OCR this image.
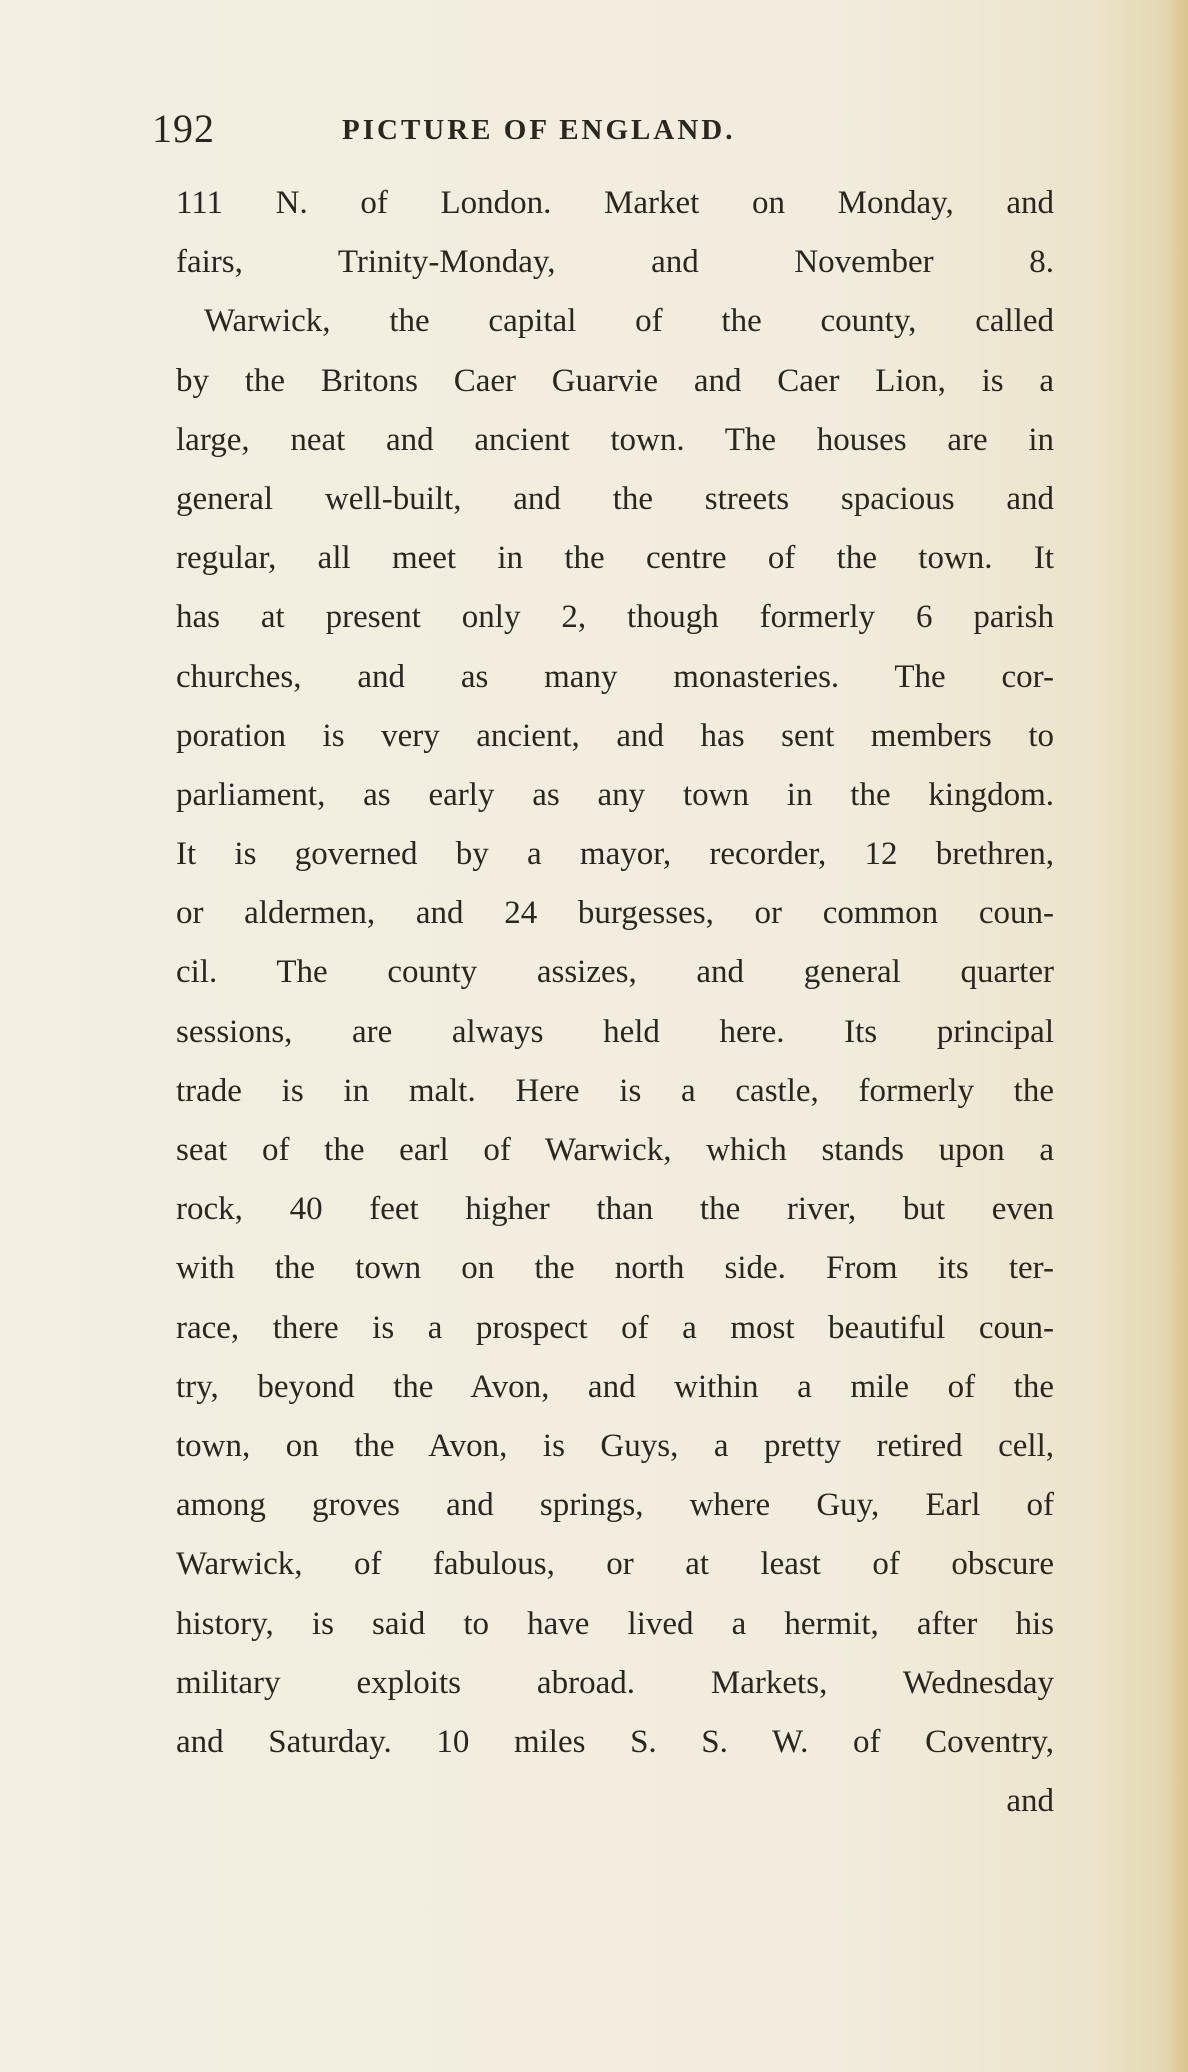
192	PICTURE OF ENGLAND.
111 N. of London. Market on Monday, and
fairs, Trinity-Monday, and November 8.
Warwick, the capital of the county, called
by the Britons Caer Guarvie and Caer Lion, is a
large, neat and ancient town. The houses are in
general well-built, and the streets spacious and
regular, all meet in the centre of the town. It
has at present only 2, though formerly 6 parish
churches, and as many monasteries. The cor-
poration is very ancient, and has sent members to
parliament, as early as any town in the kingdom.
It is governed by a mayor, recorder, 12 brethren,
or aldermen, and 24 burgesses, or common coun-
cil. The county assizes, and general quarter
sessions, are always held here. Its principal
trade is in malt. Here is a castle, formerly the
seat of the earl of Warwick, which stands upon a
rock, 40 feet higher than the river, but even
with the town on the north side. From its ter-
race, there is a prospect of a most beautiful coun-
try, beyond the Avon, and within a mile of the
town, on the Avon, is Guys, a pretty retired cell,
among groves and springs, where Guy, Earl of
Warwick, of fabulous, or at least of obscure
history, is said to have lived a hermit, after his
military exploits abroad. Markets, Wednesday
and Saturday. 10 miles S. S. W. of Coventry,
and
